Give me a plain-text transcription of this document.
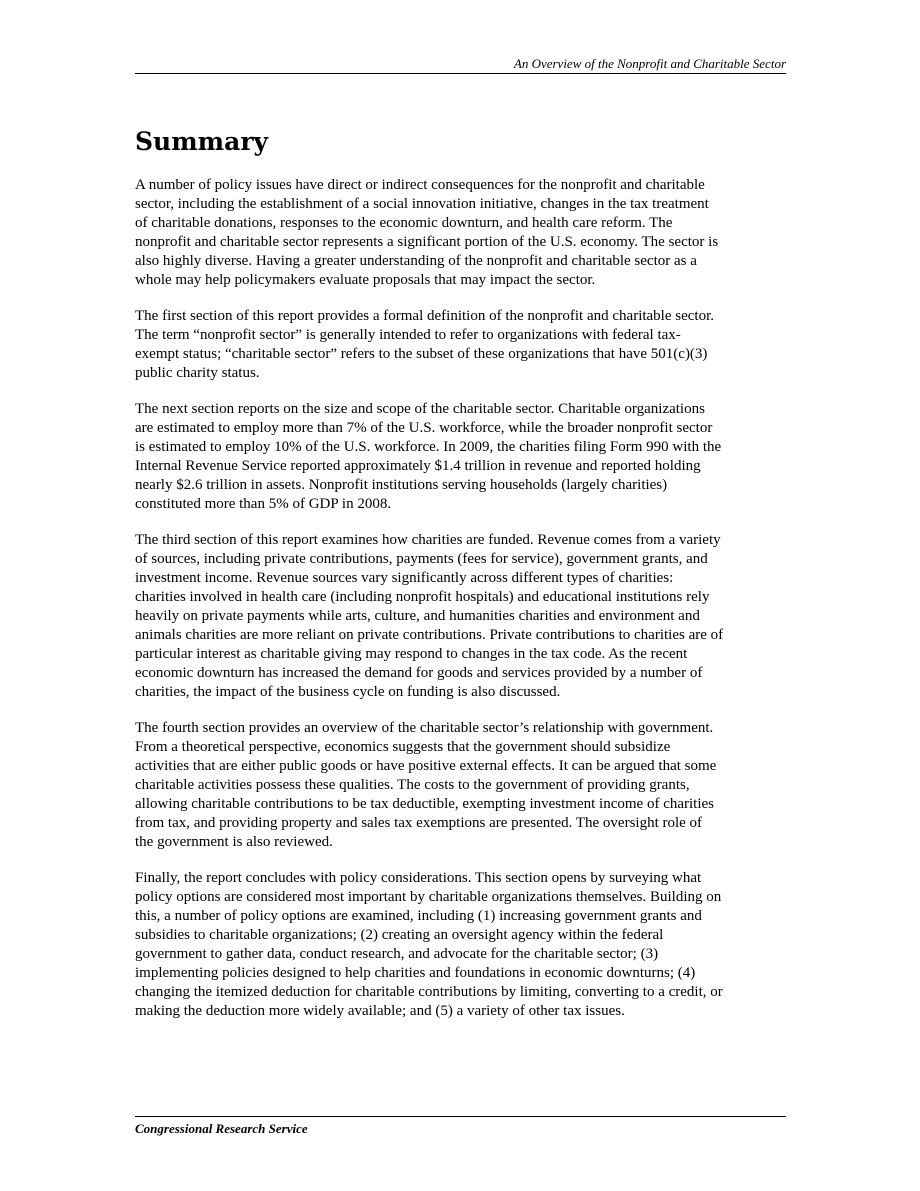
An Overview of the Nonprofit and Charitable Sector
Summary

A number of policy issues have direct or indirect consequences for the nonprofit and charitable
sector, including the establishment of a social innovation initiative, changes in the tax treatment
of charitable donations, responses to the economic downturn, and health care reform. The
nonprofit and charitable sector represents a significant portion of the U.S. economy. The sector is
also highly diverse. Having a greater understanding of the nonprofit and charitable sector as a
whole may help policymakers evaluate proposals that may impact the sector.

The first section of this report provides a formal definition of the nonprofit and charitable sector.
The term “nonprofit sector” is generally intended to refer to organizations with federal tax-
exempt status; “charitable sector” refers to the subset of these organizations that have 501(c)(3)
public charity status.

The next section reports on the size and scope of the charitable sector. Charitable organizations
are estimated to employ more than 7% of the U.S. workforce, while the broader nonprofit sector
is estimated to employ 10% of the U.S. workforce. In 2009, the charities filing Form 990 with the
Internal Revenue Service reported approximately $1.4 trillion in revenue and reported holding
nearly $2.6 trillion in assets. Nonprofit institutions serving households (largely charities)
constituted more than 5% of GDP in 2008.

The third section of this report examines how charities are funded. Revenue comes from a variety
of sources, including private contributions, payments (fees for service), government grants, and
investment income. Revenue sources vary significantly across different types of charities:
charities involved in health care (including nonprofit hospitals) and educational institutions rely
heavily on private payments while arts, culture, and humanities charities and environment and
animals charities are more reliant on private contributions. Private contributions to charities are of
particular interest as charitable giving may respond to changes in the tax code. As the recent
economic downturn has increased the demand for goods and services provided by a number of
charities, the impact of the business cycle on funding is also discussed.

The fourth section provides an overview of the charitable sector’s relationship with government.
From a theoretical perspective, economics suggests that the government should subsidize
activities that are either public goods or have positive external effects. It can be argued that some
charitable activities possess these qualities. The costs to the government of providing grants,
allowing charitable contributions to be tax deductible, exempting investment income of charities
from tax, and providing property and sales tax exemptions are presented. The oversight role of
the government is also reviewed.

Finally, the report concludes with policy considerations. This section opens by surveying what
policy options are considered most important by charitable organizations themselves. Building on
this, a number of policy options are examined, including (1) increasing government grants and
subsidies to charitable organizations; (2) creating an oversight agency within the federal
government to gather data, conduct research, and advocate for the charitable sector; (3)
implementing policies designed to help charities and foundations in economic downturns; (4)
changing the itemized deduction for charitable contributions by limiting, converting to a credit, or
making the deduction more widely available; and (5) a variety of other tax issues.

Congressional Research Service
